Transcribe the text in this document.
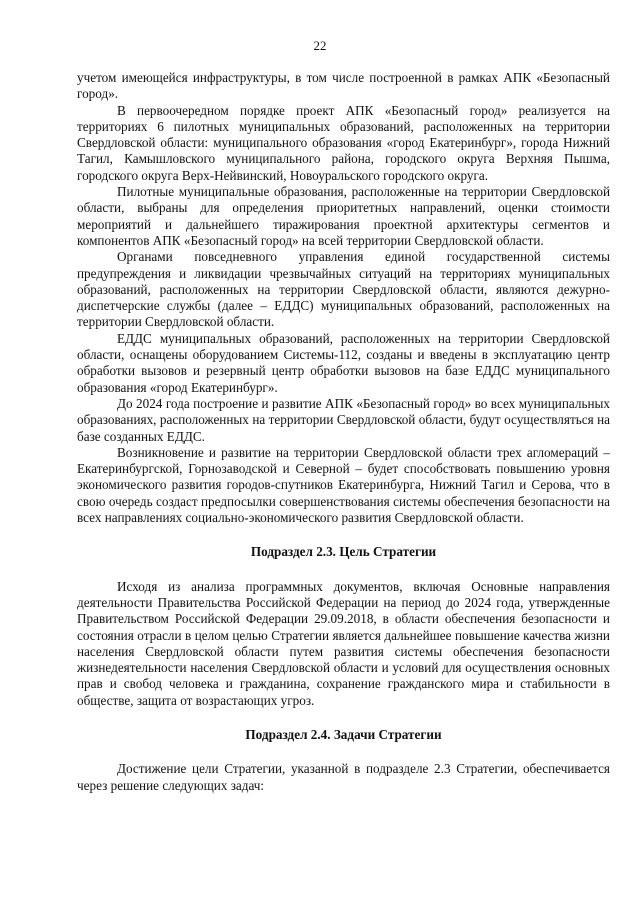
22

учетом имеющейся инфраструктуры, в том числе построенной в рамках АПК «Безопасный город».

В первоочередном порядке проект АПК «Безопасный город» реализуется на территориях 6 пилотных муниципальных образований, расположенных на территории Свердловской области: муниципального образования «город Екатеринбург», города Нижний Тагил, Камышловского муниципального района, городского округа Верхняя Пышма, городского округа Верх-Нейвинский, Новоуральского городского округа.

Пилотные муниципальные образования, расположенные на территории Свердловской области, выбраны для определения приоритетных направлений, оценки стоимости мероприятий и дальнейшего тиражирования проектной архитектуры сегментов и компонентов АПК «Безопасный город» на всей территории Свердловской области.

Органами повседневного управления единой государственной системы предупреждения и ликвидации чрезвычайных ситуаций на территориях муниципальных образований, расположенных на территории Свердловской области, являются дежурно-диспетчерские службы (далее – ЕДДС) муниципальных образований, расположенных на территории Свердловской области.

ЕДДС муниципальных образований, расположенных на территории Свердловской области, оснащены оборудованием Системы-112, созданы и введены в эксплуатацию центр обработки вызовов и резервный центр обработки вызовов на базе ЕДДС муниципального образования «город Екатеринбург».

До 2024 года построение и развитие АПК «Безопасный город» во всех муниципальных образованиях, расположенных на территории Свердловской области, будут осуществляться на базе созданных ЕДДС.

Возникновение и развитие на территории Свердловской области трех агломераций – Екатеринбургской, Горнозаводской и Северной – будет способствовать повышению уровня экономического развития городов-спутников Екатеринбурга, Нижний Тагил и Серова, что в свою очередь создаст предпосылки совершенствования системы обеспечения безопасности на всех направлениях социально-экономического развития Свердловской области.

Подраздел 2.3. Цель Стратегии

Исходя из анализа программных документов, включая Основные направления деятельности Правительства Российской Федерации на период до 2024 года, утвержденные Правительством Российской Федерации 29.09.2018, в области обеспечения безопасности и состояния отрасли в целом целью Стратегии является дальнейшее повышение качества жизни населения Свердловской области путем развития системы обеспечения безопасности жизнедеятельности населения Свердловской области и условий для осуществления основных прав и свобод человека и гражданина, сохранение гражданского мира и стабильности в обществе, защита от возрастающих угроз.

Подраздел 2.4. Задачи Стратегии

Достижение цели Стратегии, указанной в подразделе 2.3 Стратегии, обеспечивается через решение следующих задач:
